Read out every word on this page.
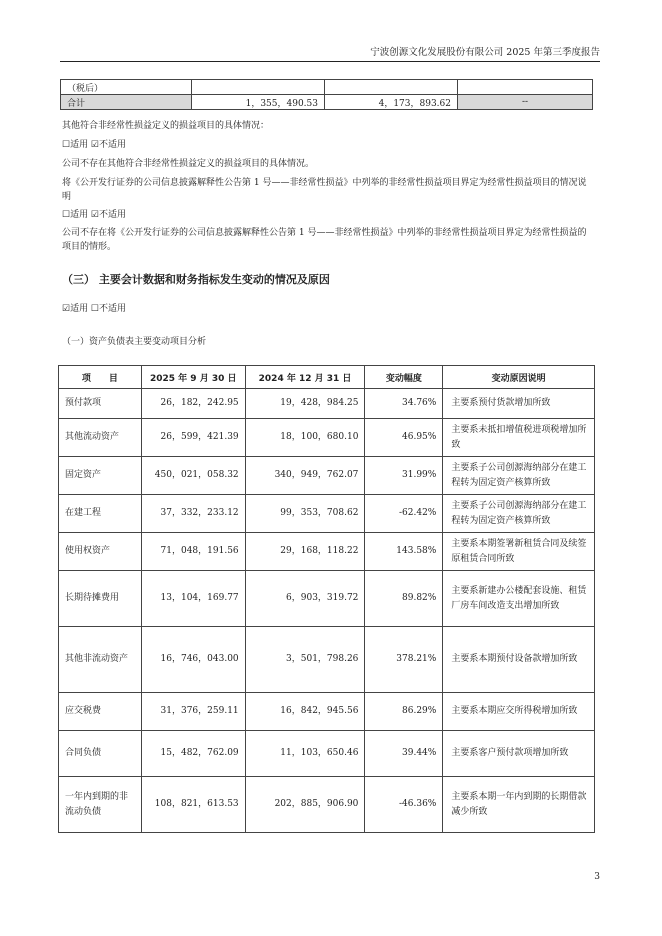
宁波创源文化发展股份有限公司 2025 年第三季度报告
（税后）			
合计	1，355，490.53	4，173，893.62	--
其他符合非经常性损益定义的损益项目的具体情况：
☐适用 ☑不适用
公司不存在其他符合非经常性损益定义的损益项目的具体情况。
将《公开发行证券的公司信息披露解释性公告第 1 号——非经常性损益》中列举的非经常性损益项目界定为经常性损益项目的情况说明
☐适用 ☑不适用
公司不存在将《公开发行证券的公司信息披露解释性公告第 1 号——非经常性损益》中列举的非经常性损益项目界定为经常性损益的项目的情形。
（三） 主要会计数据和财务指标发生变动的情况及原因
☑适用 ☐不适用
（一）资产负债表主要变动项目分析
项　　目	2025 年 9 月 30 日	2024 年 12 月 31 日	变动幅度	变动原因说明
预付款项	26，182，242.95	19，428，984.25	34.76%	主要系预付货款增加所致
其他流动资产	26，599，421.39	18，100，680.10	46.95%	主要系未抵扣增值税进项税增加所致
固定资产	450，021，058.32	340，949，762.07	31.99%	主要系子公司创源海纳部分在建工程转为固定资产核算所致
在建工程	37，332，233.12	99，353，708.62	-62.42%	主要系子公司创源海纳部分在建工程转为固定资产核算所致
使用权资产	71，048，191.56	29，168，118.22	143.58%	主要系本期签署新租赁合同及续签原租赁合同所致
长期待摊费用	13，104，169.77	6，903，319.72	89.82%	主要系新建办公楼配套设施、租赁厂房车间改造支出增加所致
其他非流动资产	16，746，043.00	3，501，798.26	378.21%	主要系本期预付设备款增加所致
应交税费	31，376，259.11	16，842，945.56	86.29%	主要系本期应交所得税增加所致
合同负债	15，482，762.09	11，103，650.46	39.44%	主要系客户预付款项增加所致
一年内到期的非流动负债	108，821，613.53	202，885，906.90	-46.36%	主要系本期一年内到期的长期借款减少所致
3
